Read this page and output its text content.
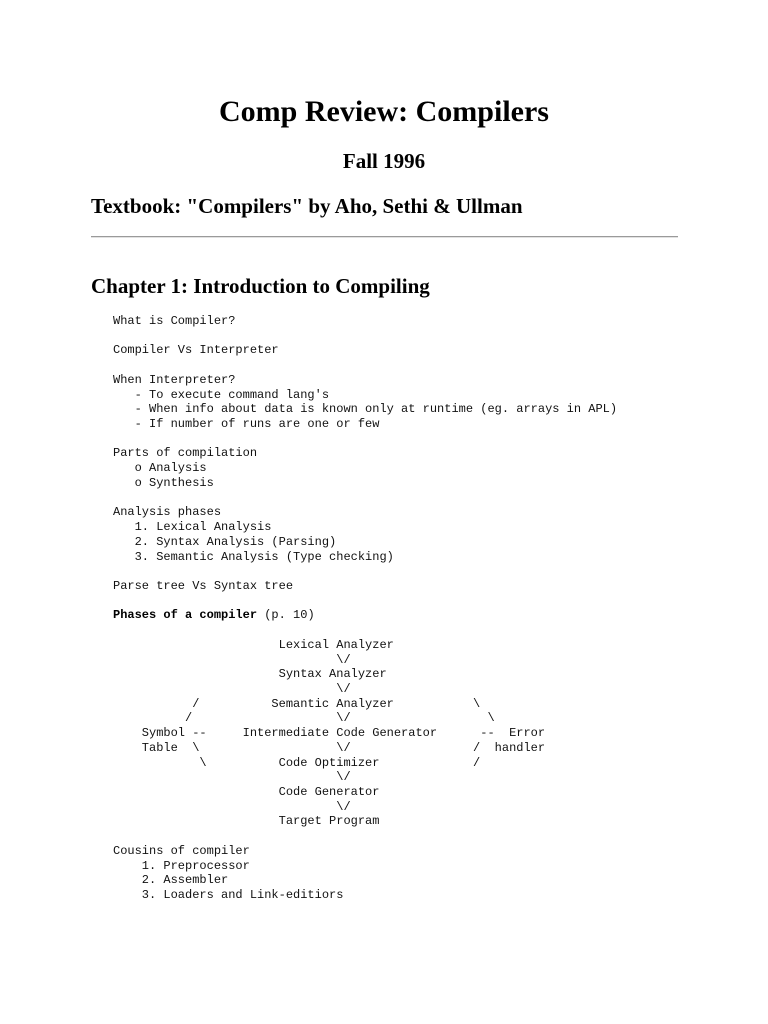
Comp Review: Compilers
Fall 1996
Textbook: "Compilers" by Aho, Sethi & Ullman
Chapter 1: Introduction to Compiling
What is Compiler?

Compiler Vs Interpreter

When Interpreter?
- To execute command lang's
- When info about data is known only at runtime (eg. arrays in APL)
- If number of runs are one or few

Parts of compilation
o Analysis
o Synthesis

Analysis phases
1. Lexical Analysis
2. Syntax Analysis (Parsing)
3. Semantic Analysis (Type checking)

Parse tree Vs Syntax tree

Phases of a compiler (p. 10)

Lexical Analyzer
\/
Syntax Analyzer
\/
/          Semantic Analyzer           \
/                    \/                   \
Symbol --     Intermediate Code Generator      --  Error
Table  \                   \/                 /  handler
\          Code Optimizer             /
\/
Code Generator
\/
Target Program

Cousins of compiler
1. Preprocessor
2. Assembler
3. Loaders and Link-editiors
